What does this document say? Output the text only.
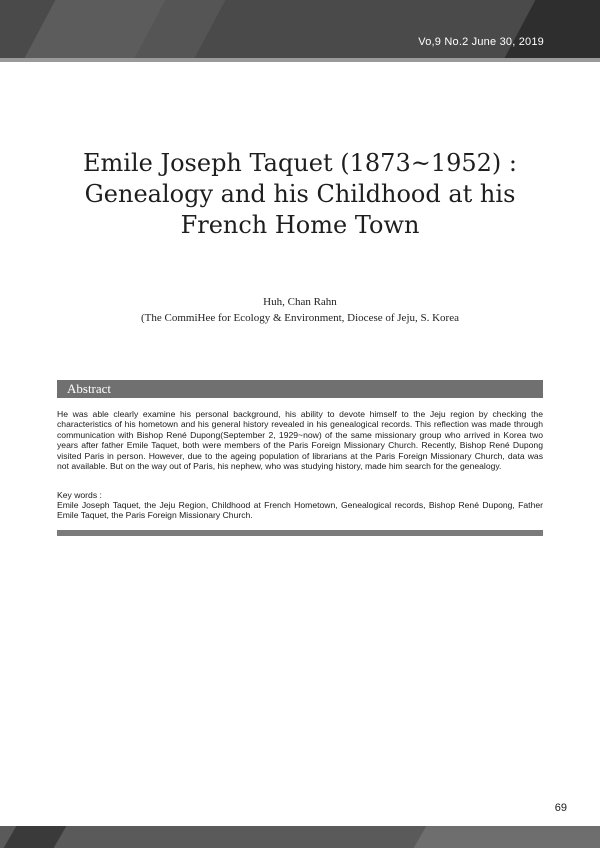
Vo,9 No.2 June 30, 2019
Emile Joseph Taquet (1873~1952) :
Genealogy and his Childhood at his
French Home Town
Huh, Chan Rahn
(The CommiHee for Ecology & Environment, Diocese of Jeju, S. Korea
Abstract

He was able clearly examine his personal background, his ability to devote himself to the Jeju region by checking the characteristics of his hometown and his general history revealed in his genealogical records. This reflection was made through communication with Bishop René Dupong(September 2, 1929~now) of the same missionary group who arrived in Korea two years after father Emile Taquet, both were members of the Paris Foreign Missionary Church. Recently, Bishop René Dupong visited Paris in person. However, due to the ageing population of librarians at the Paris Foreign Missionary Church, data was not available. But on the way out of Paris, his nephew, who was studying history, made him search for the genealogy.

Key words :

Emile Joseph Taquet, the Jeju Region, Childhood at French Hometown, Genealogical records, Bishop René Dupong, Father Emile Taquet, the Paris Foreign Missionary Church.

69
